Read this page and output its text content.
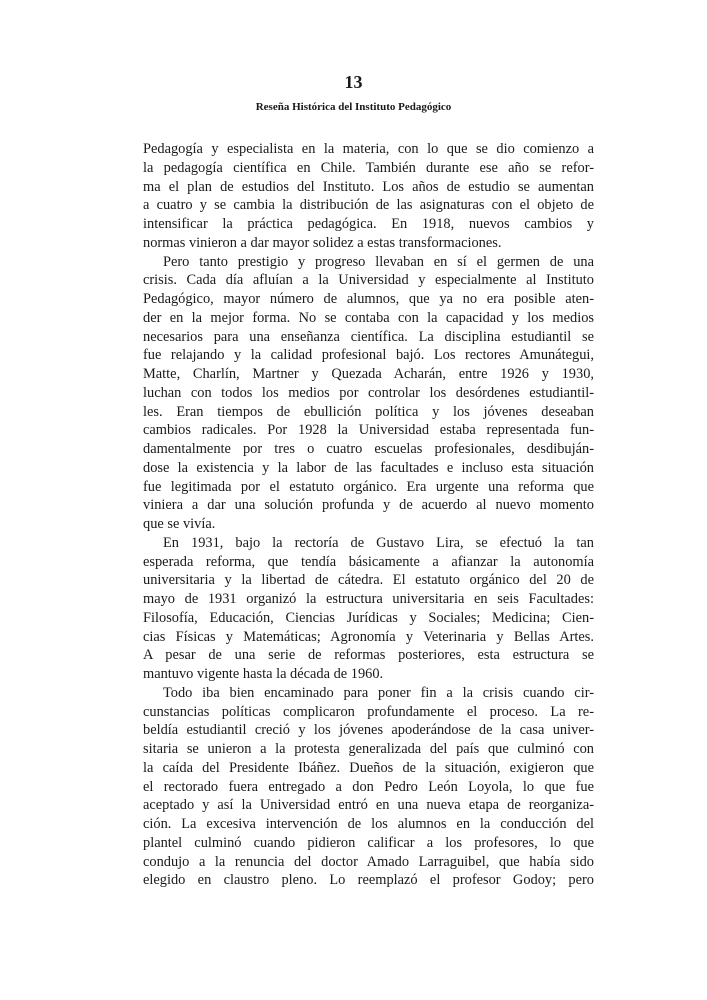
13
Reseña Histórica del Instituto Pedagógico
Pedagogía y especialista en la materia, con lo que se dio comienzo a
la pedagogía científica en Chile. También durante ese año se refor-
ma el plan de estudios del Instituto. Los años de estudio se aumentan
a cuatro y se cambia la distribución de las asignaturas con el objeto de
intensificar la práctica pedagógica. En 1918, nuevos cambios y
normas vinieron a dar mayor solidez a estas transformaciones.
Pero tanto prestigio y progreso llevaban en sí el germen de una
crisis. Cada día afluían a la Universidad y especialmente al Instituto
Pedagógico, mayor número de alumnos, que ya no era posible aten-
der en la mejor forma. No se contaba con la capacidad y los medios
necesarios para una enseñanza científica. La disciplina estudiantil se
fue relajando y la calidad profesional bajó. Los rectores Amunátegui,
Matte, Charlín, Martner y Quezada Acharán, entre 1926 y 1930,
luchan con todos los medios por controlar los desórdenes estudiantil-
les. Eran tiempos de ebullición política y los jóvenes deseaban
cambios radicales. Por 1928 la Universidad estaba representada fun-
damentalmente por tres o cuatro escuelas profesionales, desdibuján-
dose la existencia y la labor de las facultades e incluso esta situación
fue legitimada por el estatuto orgánico. Era urgente una reforma que
viniera a dar una solución profunda y de acuerdo al nuevo momento
que se vivía.
En 1931, bajo la rectoría de Gustavo Lira, se efectuó la tan
esperada reforma, que tendía básicamente a afianzar la autonomía
universitaria y la libertad de cátedra. El estatuto orgánico del 20 de
mayo de 1931 organizó la estructura universitaria en seis Facultades:
Filosofía, Educación, Ciencias Jurídicas y Sociales; Medicina; Cien-
cias Físicas y Matemáticas; Agronomía y Veterinaria y Bellas Artes.
A pesar de una serie de reformas posteriores, esta estructura se
mantuvo vigente hasta la década de 1960.
Todo iba bien encaminado para poner fin a la crisis cuando cir-
cunstancias políticas complicaron profundamente el proceso. La re-
beldía estudiantil creció y los jóvenes apoderándose de la casa univer-
sitaria se unieron a la protesta generalizada del país que culminó con
la caída del Presidente Ibáñez. Dueños de la situación, exigieron que
el rectorado fuera entregado a don Pedro León Loyola, lo que fue
aceptado y así la Universidad entró en una nueva etapa de reorganiza-
ción. La excesiva intervención de los alumnos en la conducción del
plantel culminó cuando pidieron calificar a los profesores, lo que
condujo a la renuncia del doctor Amado Larraguibel, que había sido
elegido en claustro pleno. Lo reemplazó el profesor Godoy; pero
